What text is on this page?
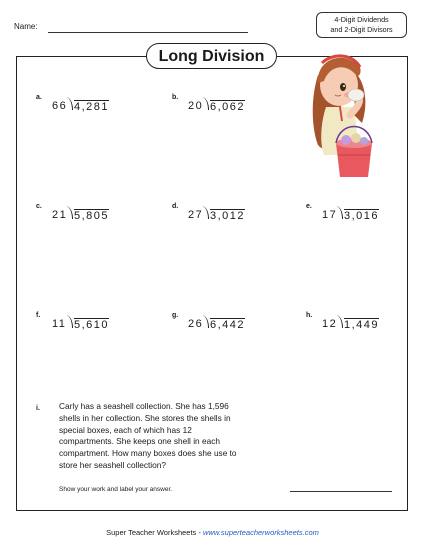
Name:
4-Digit Dividends
and 2-Digit Divisors
Long Division
a.
66 4,281
b.
20 6,062
c.
21 5,805
d.
27 3,012
e.
17 3,016
f.
11 5,610
g.
26 6,442
h.
12 1,449
i. Carly has a seashell collection. She has 1,596 shells in her collection. She stores the shells in special boxes, each of which has 12 compartments. She keeps one shell in each compartment. How many boxes does she use to store her seashell collection?
Show your work and label your answer.
Super Teacher Worksheets - www.superteacherworksheets.com
